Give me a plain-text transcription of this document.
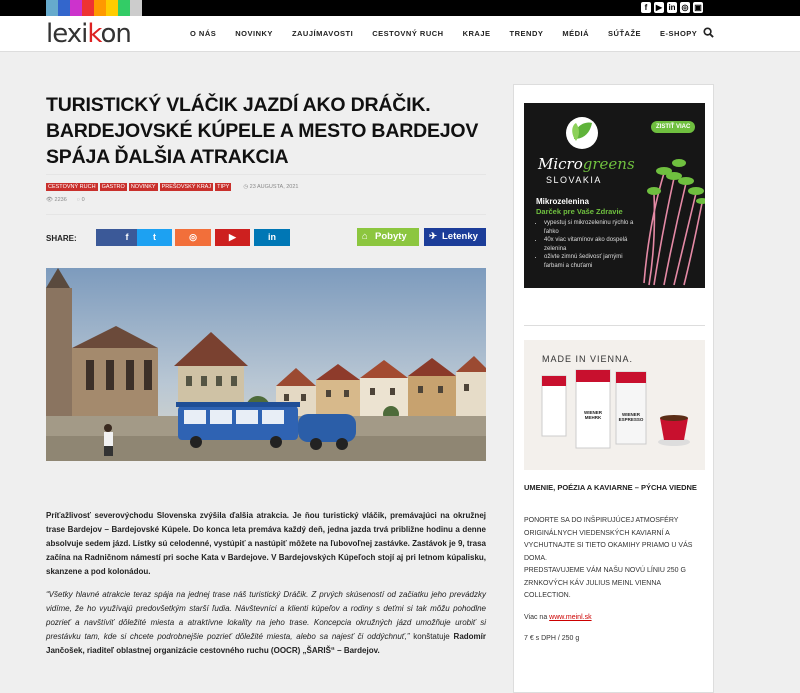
f	▶ in ◎ ▣
lexikon	O NÁS	NOVINKY	ZAUJÍMAVOSTI	CESTOVNÝ RUCH	KRAJE	TRENDY	MÉDIÁ	SÚŤAŽE	E-SHOPY
TURISTICKÝ VLÁČIK JAZDÍ AKO DRÁČIK. BARDEJOVSKÉ KÚPELE A MESTO BARDEJOV SPÁJA ĎALŠIA ATRAKCIA
CESTOVNÝ RUCH	GASTRO	NOVINKY	PREŠOVSKÝ KRAJ	TIPY	◷ 23 AUGUSTA, 2021
👁 2236 ◌ 0
SHARE:	f	t	◎	▶	in	⌂ Pobyty	✈ Letenky

Príťažlivosť severovýchodu Slovenska zvýšila ďalšia atrakcia. Je ňou turistický vláčik, premávajúci na okružnej trase Bardejov – Bardejovské Kúpele. Do konca leta premáva každý deň, jedna jazda trvá približne hodinu a denne absolvuje sedem jázd. Lístky sú celodenné, vystúpiť a nastúpiť môžete na ľubovoľnej zastávke. Zastávok je 9, trasa začína na Radničnom námestí pri soche Kata v Bardejove. V Bardejovských Kúpeľoch stojí aj pri letnom kúpalisku, skanzene a pod kolonádou.

“Všetky hlavné atrakcie teraz spája na jednej trase náš turistický Dráčik. Z prvých skúseností od začiatku jeho prevádzky vidíme, že ho využívajú predovšetkým starší ľudia. Návštevníci a klienti kúpeľov a rodiny s deťmi si tak môžu pohodlne pozrieť a navštíviť dôležité miesta a atraktívne lokality na jeho trase. Koncepcia okružných jázd umožňuje urobiť si prestávku tam, kde si chcete podrobnejšie pozrieť dôležité miesta, alebo sa najesť či oddýchnuť,” konštatuje Radomír Jančošek, riaditeľ oblastnej organizácie cestovného ruchu (OOCR) „ŠARIŠ“ – Bardejov.

ZISTIŤ VIAC
Microgreens
SLOVAKIA
Mikrozelenina
Darček pre Vaše Zdravie
• vypestuj si mikrozeleninu rýchlo a ľahko
• 40x viac vitamínov ako dospelá zelenina
• oživte zimnú šedivosť jarnými farbami a chuťami
MADE IN VIENNA.
WIENER MEHRK
WIENER ESPRESSO
UMENIE, POÉZIA A KAVIARNE – PÝCHA VIEDNE

PONORTE SA DO INŠPIRUJÚCEJ ATMOSFÉRY ORIGINÁLNYCH VIEDENSKÝCH KAVIARNÍ A VYCHUTNAJTE SI TIETO OKAMIHY PRIAMO U VÁS DOMA.

PREDSTAVUJEME VÁM NAŠU NOVÚ LÍNIU 250 G ZRNKOVÝCH KÁV JULIUS MEINL VIENNA COLLECTION.

Viac na www.meinl.sk

7 € s DPH / 250 g
